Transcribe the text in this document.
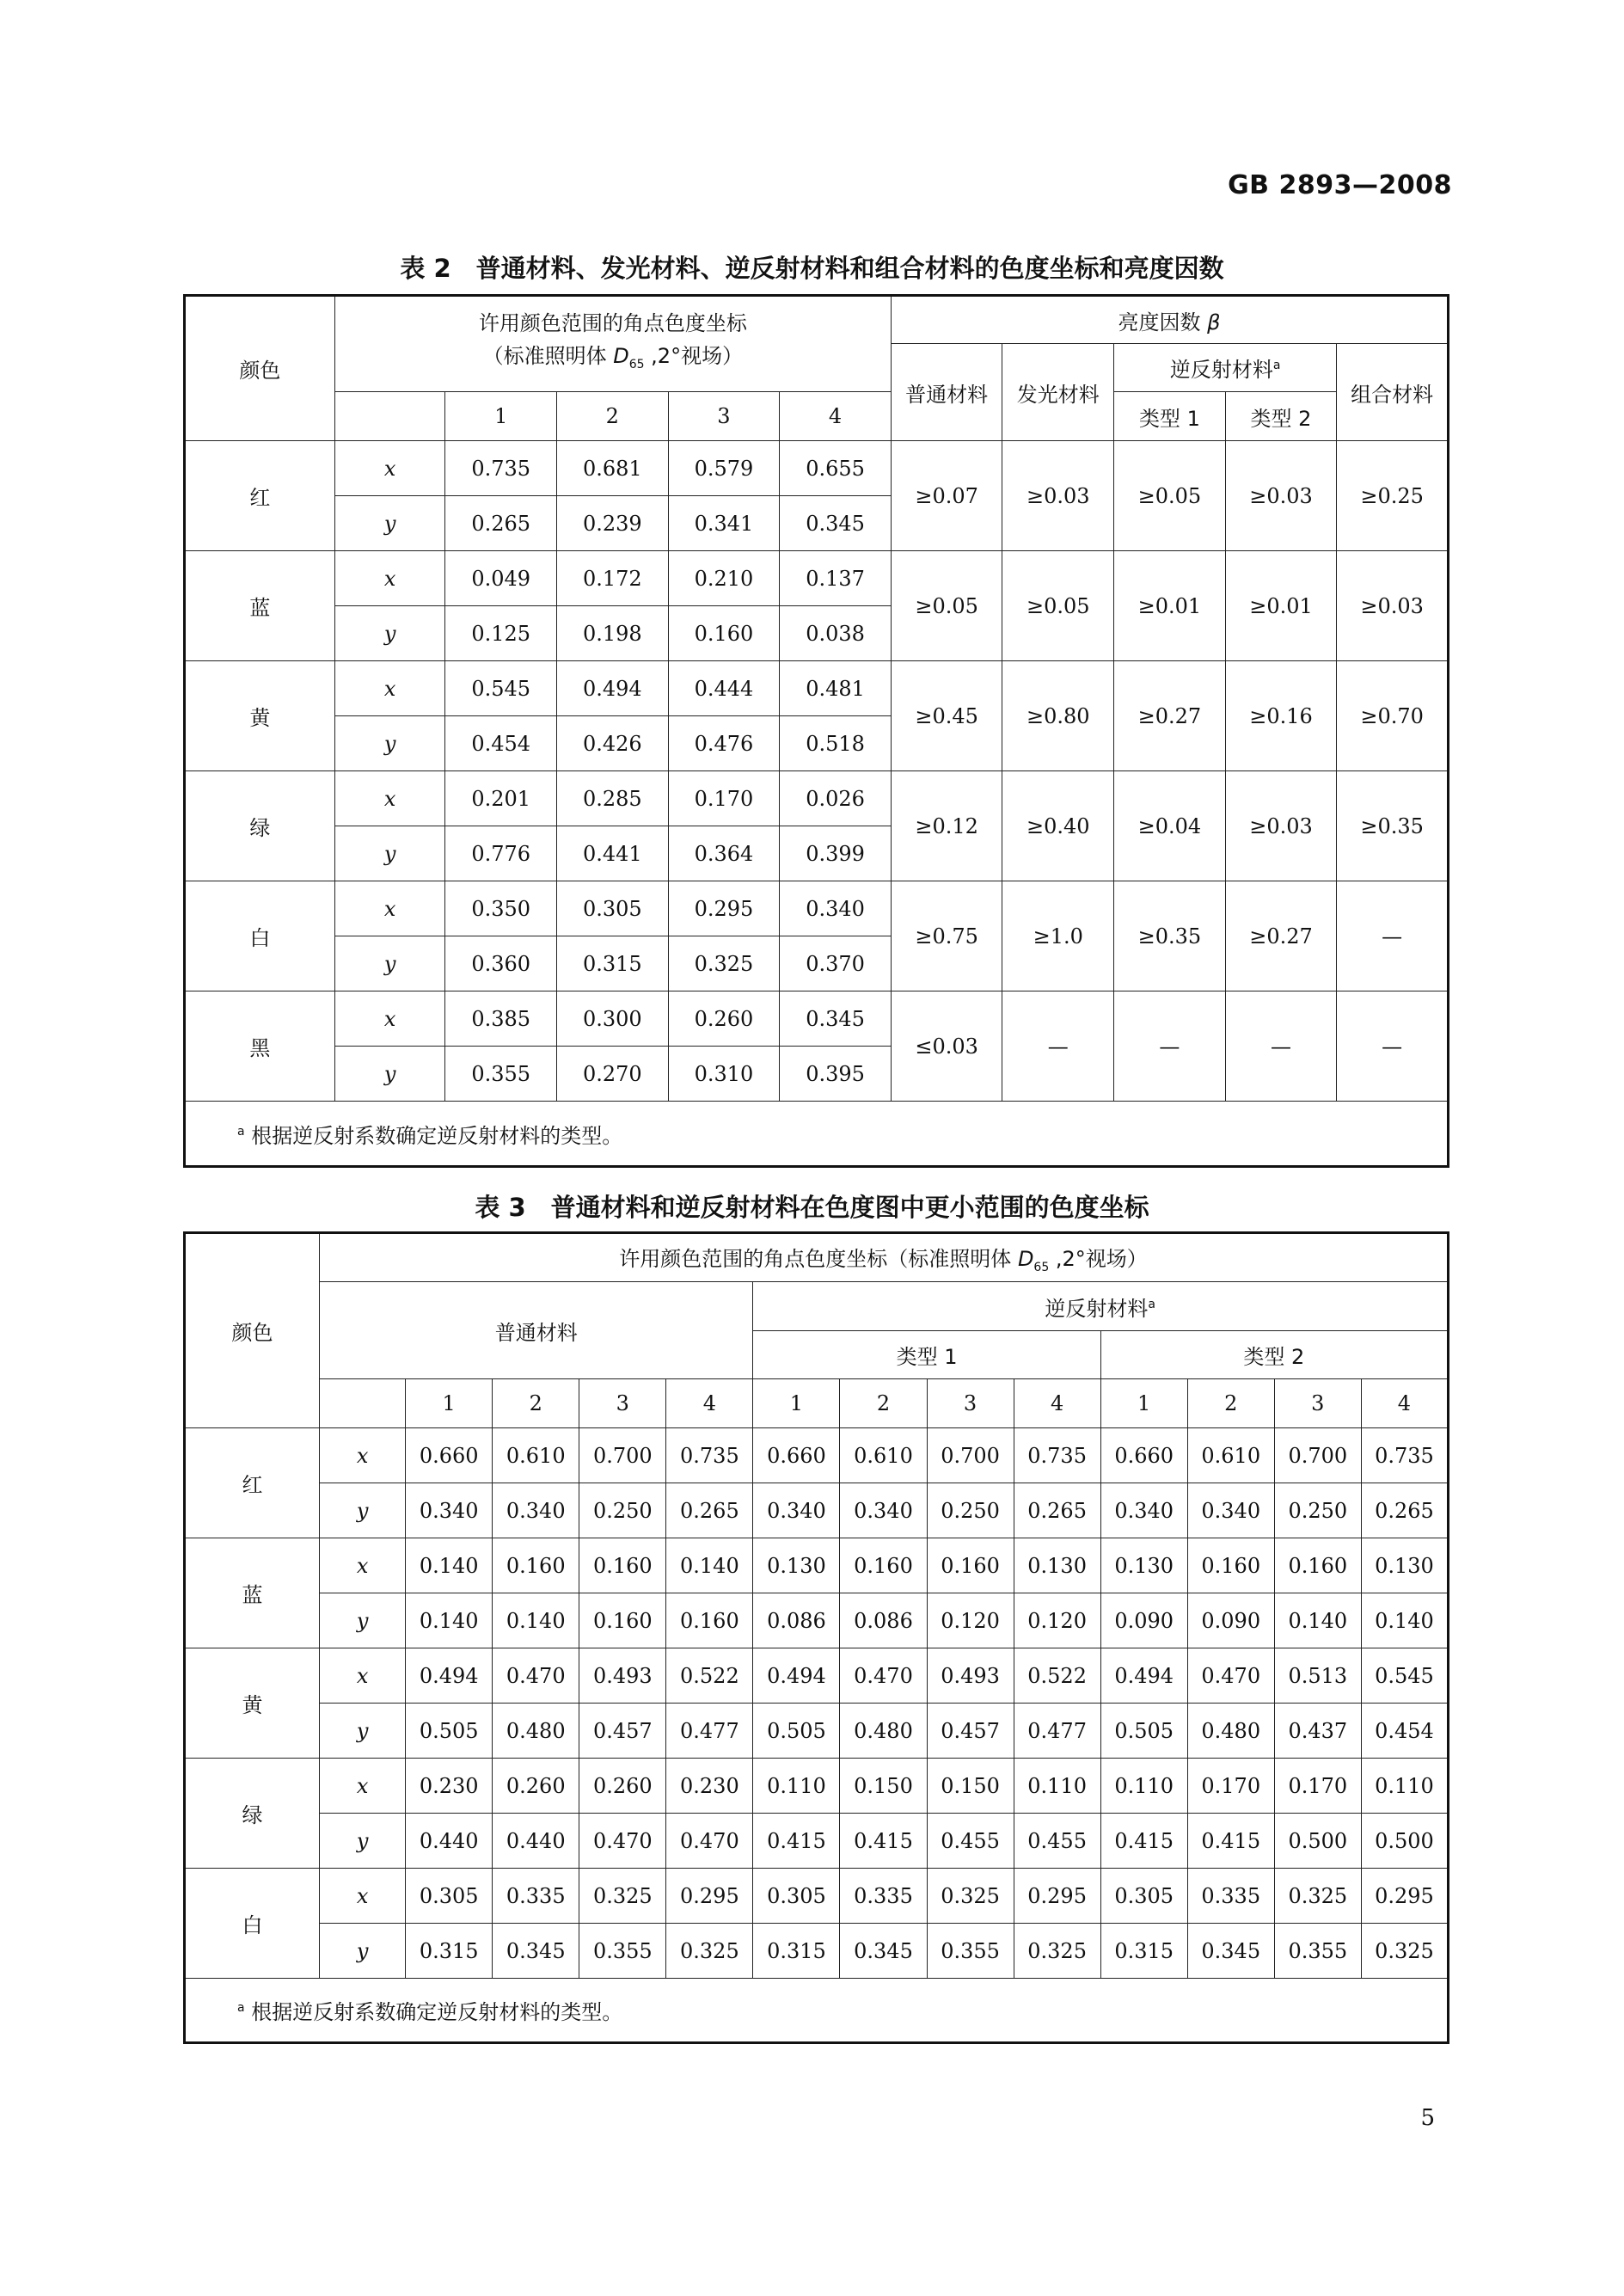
GB 2893—2008
表 2　普通材料、发光材料、逆反射材料和组合材料的色度坐标和亮度因数
颜色	许用颜色范围的角点色度坐标
（标准照明体 $D_{65}$ ,2°视场）					亮度因数 β				
						普通材料	发光材料	逆反射材料$^a$		组合材料
		1	2	3	4			类型 1	类型 2	
红	x	0.735	0.681	0.579	0.655	≥0.07	≥0.03	≥0.05	≥0.03	≥0.25
	y	0.265	0.239	0.341	0.345					
蓝	x	0.049	0.172	0.210	0.137	≥0.05	≥0.05	≥0.01	≥0.01	≥0.03
	y	0.125	0.198	0.160	0.038					
黄	x	0.545	0.494	0.444	0.481	≥0.45	≥0.80	≥0.27	≥0.16	≥0.70
	y	0.454	0.426	0.476	0.518					
绿	x	0.201	0.285	0.170	0.026	≥0.12	≥0.40	≥0.04	≥0.03	≥0.35
	y	0.776	0.441	0.364	0.399					
白	x	0.350	0.305	0.295	0.340	≥0.75	≥1.0	≥0.35	≥0.27	—
	y	0.360	0.315	0.325	0.370					
黑	x	0.385	0.300	0.260	0.345	≤0.03	—	—	—	—
	y	0.355	0.270	0.310	0.395					
$^a$ 根据逆反射系数确定逆反射材料的类型。										
表 3　普通材料和逆反射材料在色度图中更小范围的色度坐标
颜色	许用颜色范围的角点色度坐标（标准照明体 $D_{65}$ ,2°视场）												
	普通材料					逆反射材料$^a$
						类型 1				类型 2			
		1	2	3	4	1	2	3	4	1	2	3	4
红	x	0.660	0.610	0.700	0.735	0.660	0.610	0.700	0.735	0.660	0.610	0.700	0.735
	y	0.340	0.340	0.250	0.265	0.340	0.340	0.250	0.265	0.340	0.340	0.250	0.265
蓝	x	0.140	0.160	0.160	0.140	0.130	0.160	0.160	0.130	0.130	0.160	0.160	0.130
	y	0.140	0.140	0.160	0.160	0.086	0.086	0.120	0.120	0.090	0.090	0.140	0.140
黄	x	0.494	0.470	0.493	0.522	0.494	0.470	0.493	0.522	0.494	0.470	0.513	0.545
	y	0.505	0.480	0.457	0.477	0.505	0.480	0.457	0.477	0.505	0.480	0.437	0.454
绿	x	0.230	0.260	0.260	0.230	0.110	0.150	0.150	0.110	0.110	0.170	0.170	0.110
	y	0.440	0.440	0.470	0.470	0.415	0.415	0.455	0.455	0.415	0.415	0.500	0.500
白	x	0.305	0.335	0.325	0.295	0.305	0.335	0.325	0.295	0.305	0.335	0.325	0.295
	y	0.315	0.345	0.355	0.325	0.315	0.345	0.355	0.325	0.315	0.345	0.355	0.325
$^a$ 根据逆反射系数确定逆反射材料的类型。													
5
